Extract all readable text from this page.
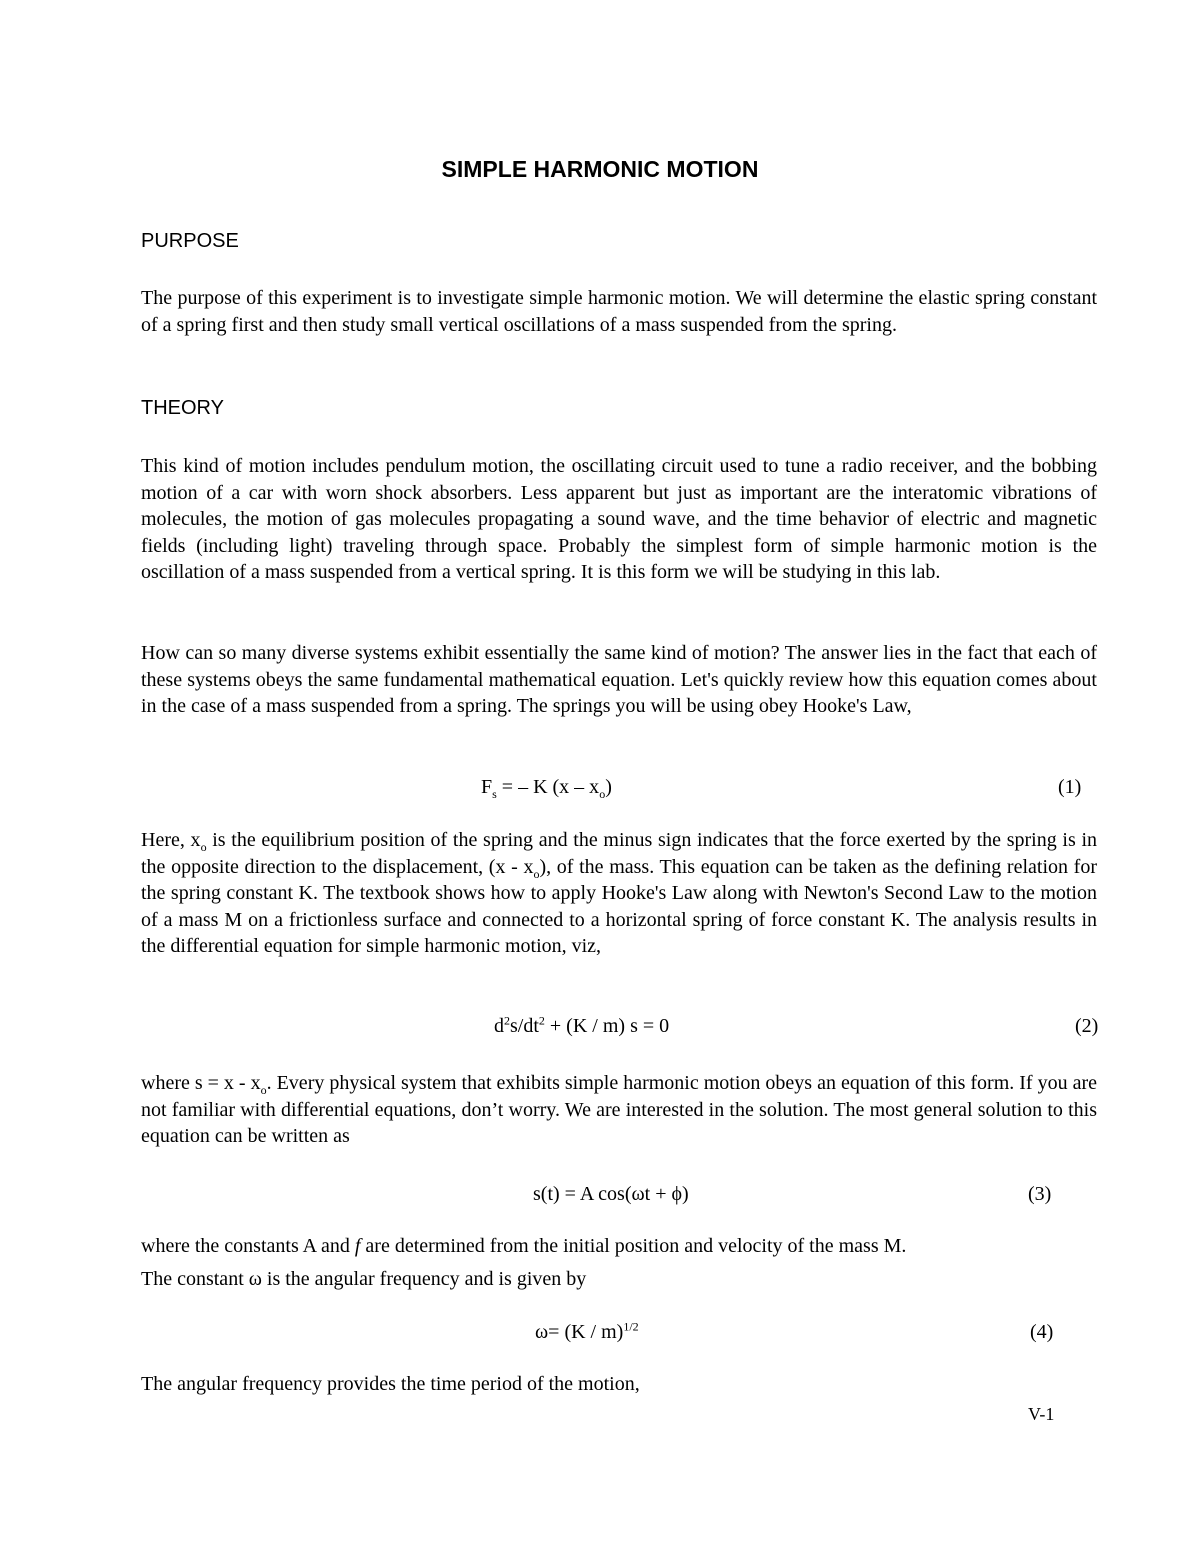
SIMPLE HARMONIC MOTION
PURPOSE

The purpose of this experiment is to investigate simple harmonic motion. We will determine the elastic spring constant of a spring first and then study small vertical oscillations of a mass suspended from the spring.

THEORY

This kind of motion includes pendulum motion, the oscillating circuit used to tune a radio receiver, and the bobbing motion of a car with worn shock absorbers. Less apparent but just as important are the interatomic vibrations of molecules, the motion of gas molecules propagating a sound wave, and the time behavior of electric and magnetic fields (including light) traveling through space. Probably the simplest form of simple harmonic motion is the oscillation of a mass suspended from a vertical spring. It is this form we will be studying in this lab.

How can so many diverse systems exhibit essentially the same kind of motion? The answer lies in the fact that each of these systems obeys the same fundamental mathematical equation. Let's quickly review how this equation comes about in the case of a mass suspended from a spring. The springs you will be using obey Hooke's Law,

$F_s$ = – K $(x - x_o)$	(1)

Here, $x_o$ is the equilibrium position of the spring and the minus sign indicates that the force exerted by the spring is in the opposite direction to the displacement, $(x - x_o)$, of the mass. This equation can be taken as the defining relation for the spring constant K. The textbook shows how to apply Hooke's Law along with Newton's Second Law to the motion of a mass M on a frictionless surface and connected to a horizontal spring of force constant K. The analysis results in the differential equation for simple harmonic motion, viz,

$d^2s/dt^2 + (K / m) s = 0$	(2)

where $s = x - x_o$. Every physical system that exhibits simple harmonic motion obeys an equation of this form. If you are not familiar with differential equations, don’t worry. We are interested in the solution. The most general solution to this equation can be written as

s(t) = A cos(ωt + ϕ)	(3)
where the constants A and f are determined from the initial position and velocity of the mass M.
The constant ω is the angular frequency and is given by
ω= (K / m)$^{1/2}$	(4)
The angular frequency provides the time period of the motion,
V-1
